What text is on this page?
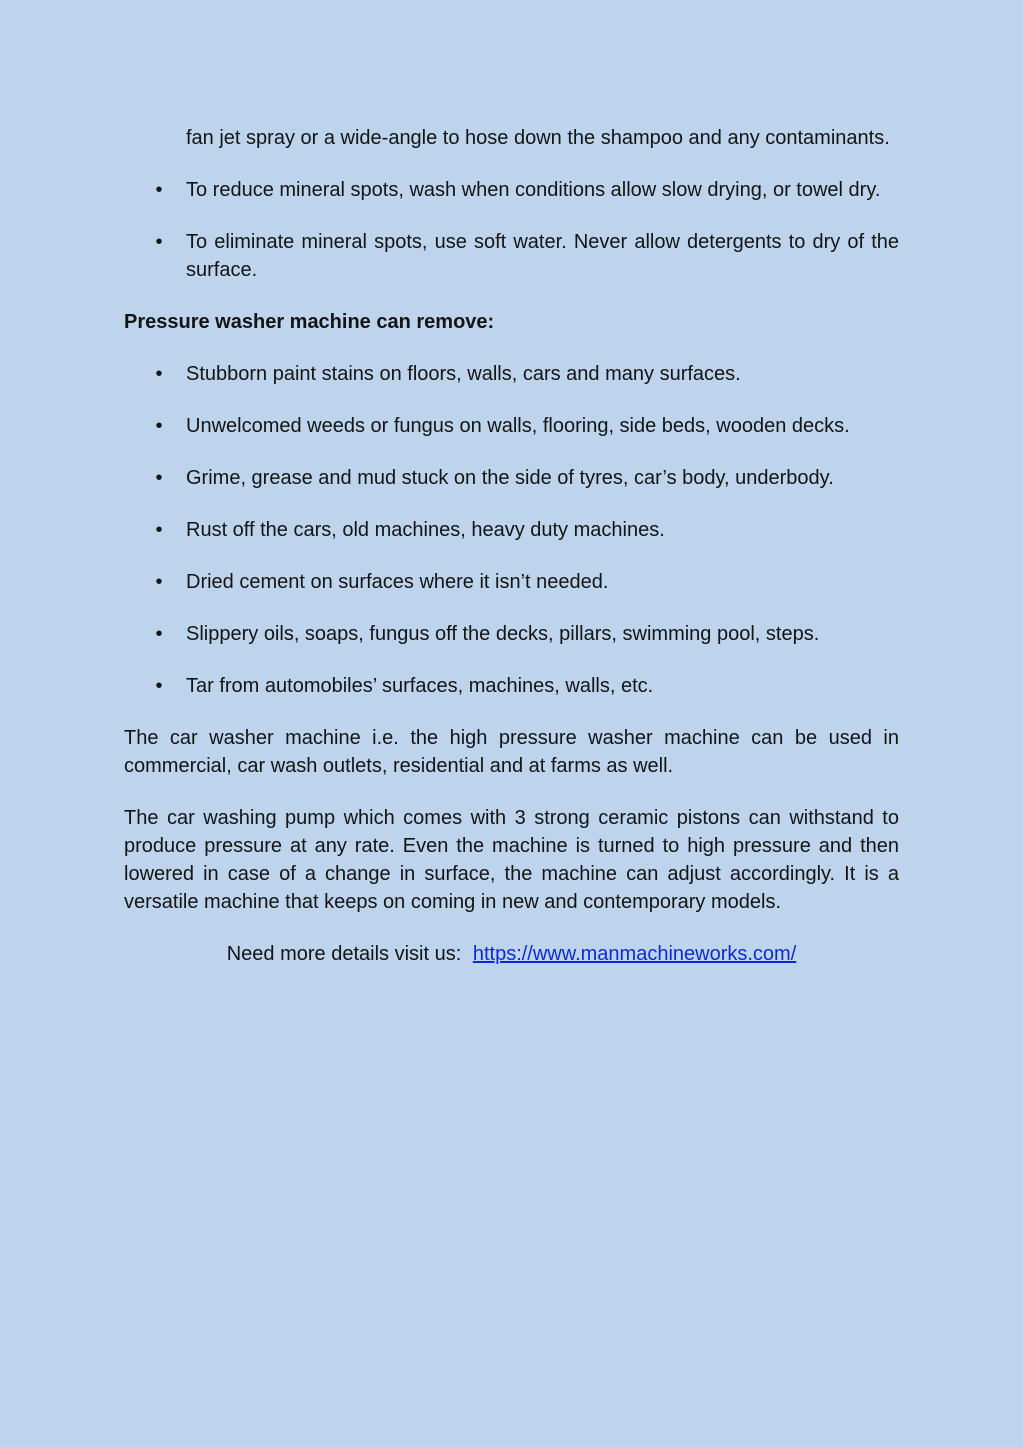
fan jet spray or a wide-angle to hose down the shampoo and any contaminants.

• To reduce mineral spots, wash when conditions allow slow drying, or towel dry.
• To eliminate mineral spots, use soft water. Never allow detergents to dry of the surface.

Pressure washer machine can remove:

• Stubborn paint stains on floors, walls, cars and many surfaces.
• Unwelcomed weeds or fungus on walls, flooring, side beds, wooden decks.
• Grime, grease and mud stuck on the side of tyres, car’s body, underbody.
• Rust off the cars, old machines, heavy duty machines.
• Dried cement on surfaces where it isn’t needed.
• Slippery oils, soaps, fungus off the decks, pillars, swimming pool, steps.
• Tar from automobiles’ surfaces, machines, walls, etc.

The car washer machine i.e. the high pressure washer machine can be used in commercial, car wash outlets, residential and at farms as well.

The car washing pump which comes with 3 strong ceramic pistons can withstand to produce pressure at any rate. Even the machine is turned to high pressure and then lowered in case of a change in surface, the machine can adjust accordingly. It is a versatile machine that keeps on coming in new and contemporary models.

Need more details visit us: https://www.manmachineworks.com/
